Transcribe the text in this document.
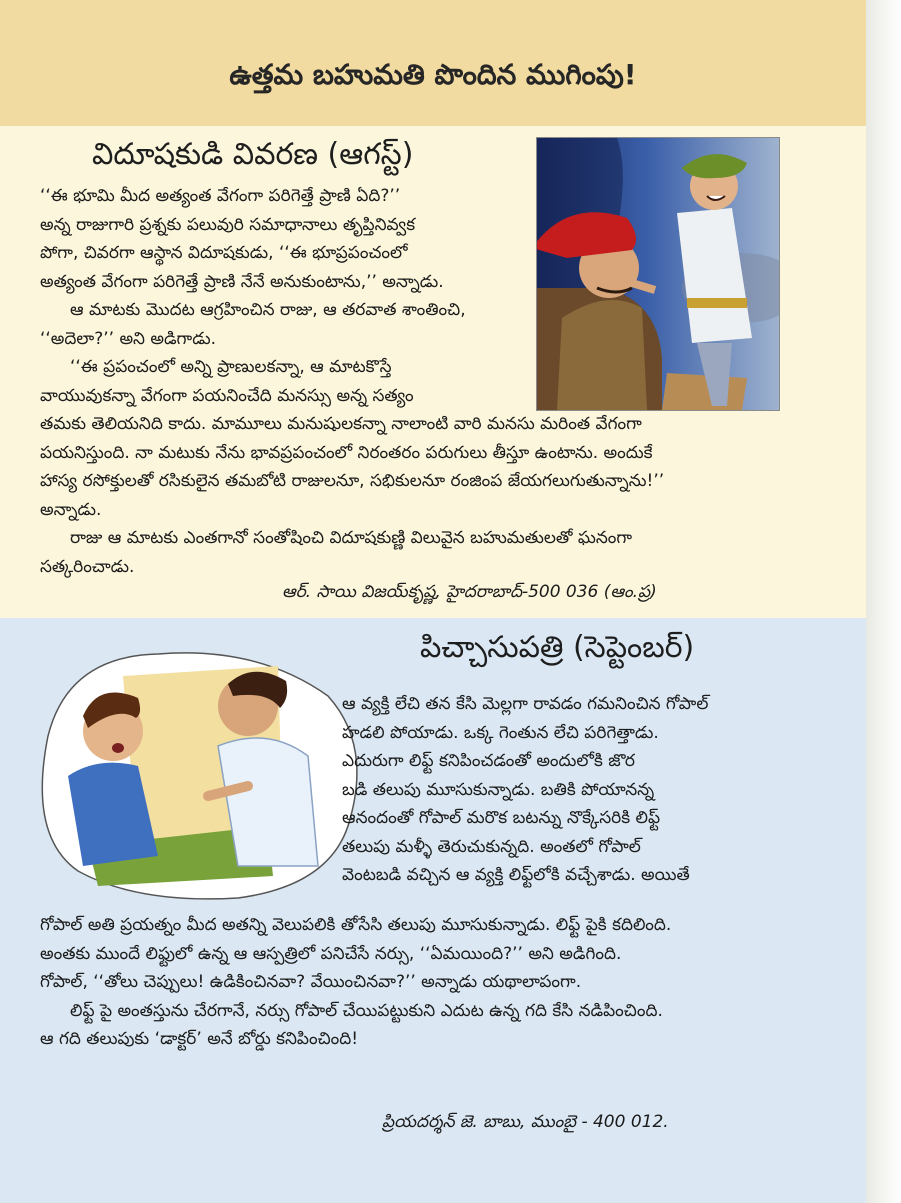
ఉత్తమ బహుమతి పొందిన ముగింపు!
విదూషకుడి వివరణ (ఆగస్ట్)

‘‘ఈ భూమి మీద అత్యంత వేగంగా పరిగెత్తే ప్రాణి ఏది?’’

అన్న రాజుగారి ప్రశ్నకు పలువురి సమాధానాలు తృప్తినివ్వక

పోగా, చివరగా ఆస్థాన విదూషకుడు, ‘‘ఈ భూప్రపంచంలో

అత్యంత వేగంగా పరిగెత్తే ప్రాణి నేనే అనుకుంటాను,’’ అన్నాడు.

ఆ మాటకు మొదట ఆగ్రహించిన రాజు, ఆ తరవాత శాంతించి,

‘‘అదెలా?’’ అని అడిగాడు.

‘‘ఈ ప్రపంచంలో అన్ని ప్రాణులకన్నా, ఆ మాటకొస్తే

వాయువుకన్నా వేగంగా పయనించేది మనస్సు అన్న సత్యం

తమకు తెలియనిది కాదు. మామూలు మనుషులకన్నా నాలాంటి వారి మనసు మరింత వేగంగా

పయనిస్తుంది. నా మటుకు నేను భావప్రపంచంలో నిరంతరం పరుగులు తీస్తూ ఉంటాను. అందుకే

హాస్య రసోక్తులతో రసికులైన తమబోటి రాజులనూ, సభికులనూ రంజింప జేయగలుగుతున్నాను!’’

అన్నాడు.

రాజు ఆ మాటకు ఎంతగానో సంతోషించి విదూషకుణ్ణి విలువైన బహుమతులతో ఘనంగా

సత్కరించాడు.

ఆర్. సాయి విజయ్‌కృష్ణ, హైదరాబాద్-500 036 (ఆం.ప్ర)
పిచ్చాసుపత్రి (సెప్టెంబర్)

ఆ వ్యక్తి లేచి తన కేసి మెల్లగా రావడం గమనించిన గోపాల్

హడలి పోయాడు. ఒక్క గెంతున లేచి పరిగెత్తాడు.

ఎదురుగా లిఫ్ట్ కనిపించడంతో అందులోకి జొర

బడి తలుపు మూసుకున్నాడు. బతికి పోయానన్న

ఆనందంతో గోపాల్ మరొక బటన్ను నొక్కేసరికి లిఫ్ట్

తలుపు మళ్ళీ తెరుచుకున్నది. అంతలో గోపాల్

వెంటబడి వచ్చిన ఆ వ్యక్తి లిఫ్ట్‌లోకి వచ్చేశాడు. అయితే

గోపాల్ అతి ప్రయత్నం మీద అతన్ని వెలుపలికి తోసేసి తలుపు మూసుకున్నాడు. లిఫ్ట్ పైకి కదిలింది.

అంతకు ముందే లిఫ్టులో ఉన్న ఆ ఆస్పత్రిలో పనిచేసే నర్సు, ‘‘ఏమయింది?’’ అని అడిగింది.

గోపాల్, ‘‘తోలు చెప్పులు! ఉడికించినవా? వేయించినవా?’’ అన్నాడు యథాలాపంగా.

లిఫ్ట్ పై అంతస్తును చేరగానే, నర్సు గోపాల్‌ చేయిపట్టుకుని ఎదుట ఉన్న గది కేసి నడిపించింది.

ఆ గది తలుపుకు ‘డాక్టర్’ అనే బోర్డు కనిపించింది!

ప్రియదర్శన్ జె. బాబు, ముంబై - 400 012.
